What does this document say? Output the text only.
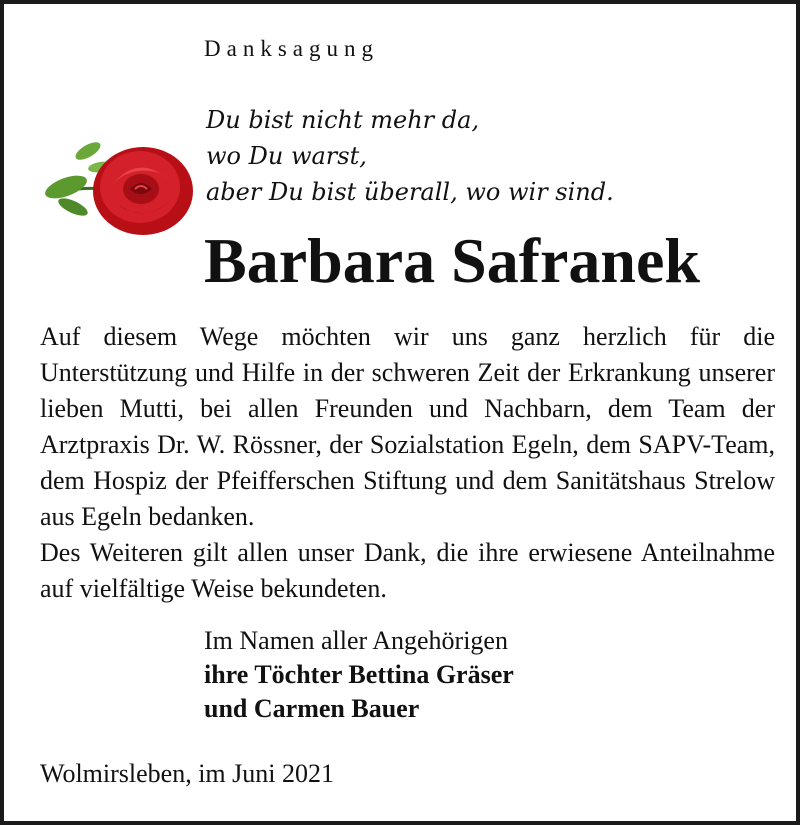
Danksagung
Du bist nicht mehr da,
wo Du warst,
aber Du bist überall, wo wir sind.
Barbara Safranek

Auf diesem Wege möchten wir uns ganz herzlich für die Unterstützung und Hilfe in der schweren Zeit der Erkrankung unserer lieben Mutti, bei allen Freunden und Nachbarn, dem Team der Arztpraxis Dr. W. Rössner, der Sozialstation Egeln, dem SAPV-Team, dem Hospiz der Pfeifferschen Stiftung und dem Sanitätshaus Strelow aus Egeln bedanken.

Des Weiteren gilt allen unser Dank, die ihre erwiesene Anteilnahme auf vielfältige Weise bekundeten.

Im Namen aller Angehörigen
ihre Töchter Bettina Gräser
und Carmen Bauer
Wolmirsleben, im Juni 2021
